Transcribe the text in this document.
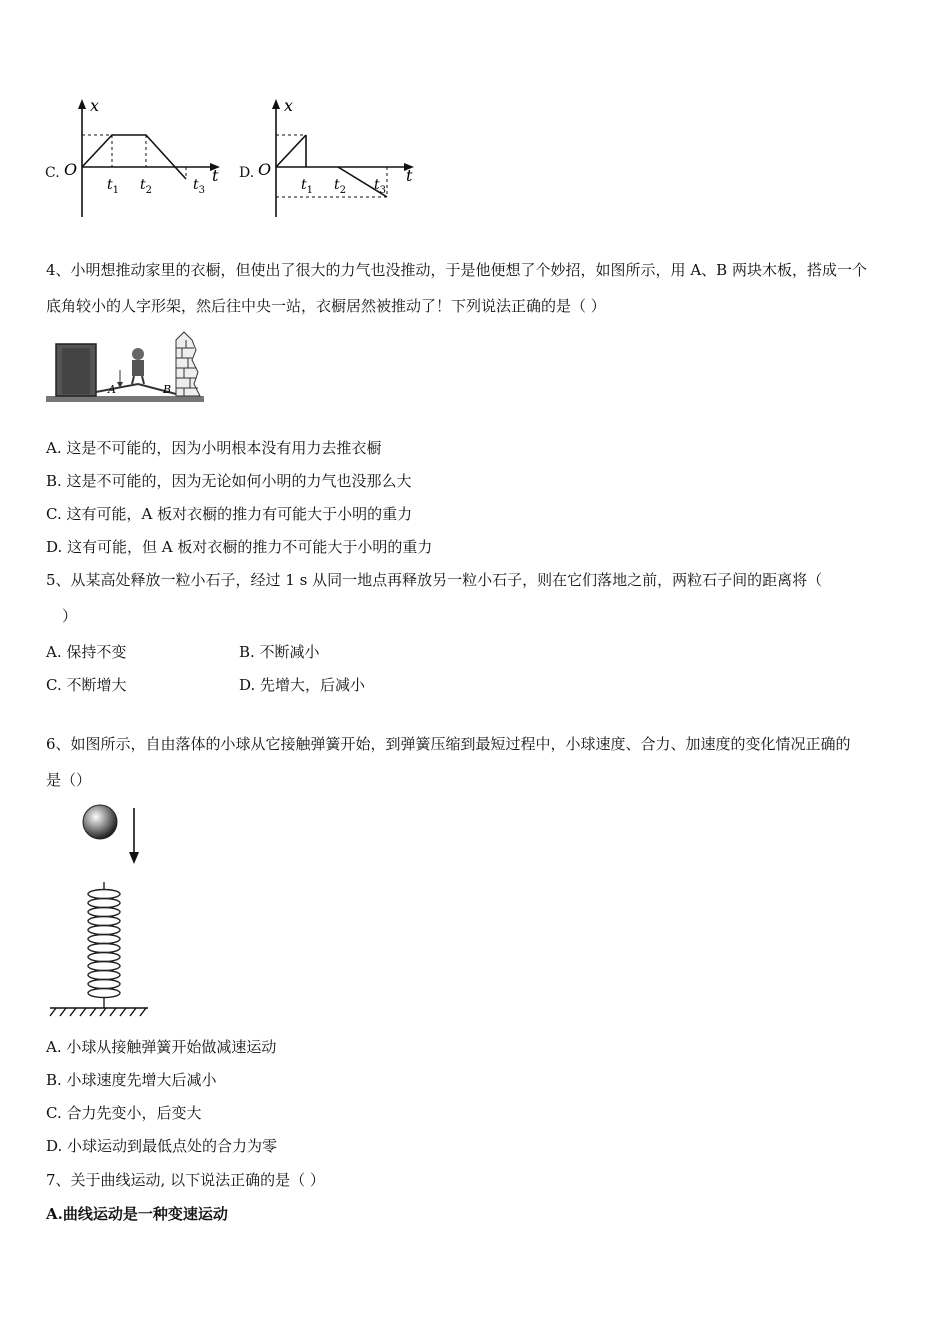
C.
x
O	t
$t_1$ $t_2$	$t_3$
D.
x
O	t
$t_1$ $t_2$ $t_3$
4、小明想推动家里的衣橱，但使出了很大的力气也没推动，于是他便想了个妙招，如图所示，用 A、B 两块木板，搭成一个
底角较小的人字形架，然后往中央一站，衣橱居然被推动了！下列说法正确的是（ ）
A	B
A. 这是不可能的，因为小明根本没有用力去推衣橱
B. 这是不可能的，因为无论如何小明的力气也没那么大
C. 这有可能，A 板对衣橱的推力有可能大于小明的重力
D. 这有可能，但 A 板对衣橱的推力不可能大于小明的重力
5、从某高处释放一粒小石子，经过 1 s 从同一地点再释放另一粒小石子，则在它们落地之前，两粒石子间的距离将（
）
A. 保持不变	B. 不断减小
C. 不断增大	D. 先增大，后减小
6、如图所示，自由落体的小球从它接触弹簧开始，到弹簧压缩到最短过程中，小球速度、合力、加速度的变化情况正确的
是（）
A. 小球从接触弹簧开始做减速运动
B. 小球速度先增大后减小
C. 合力先变小，后变大
D. 小球运动到最低点处的合力为零
7、关于曲线运动, 以下说法正确的是（ ）
A.曲线运动是一种变速运动
